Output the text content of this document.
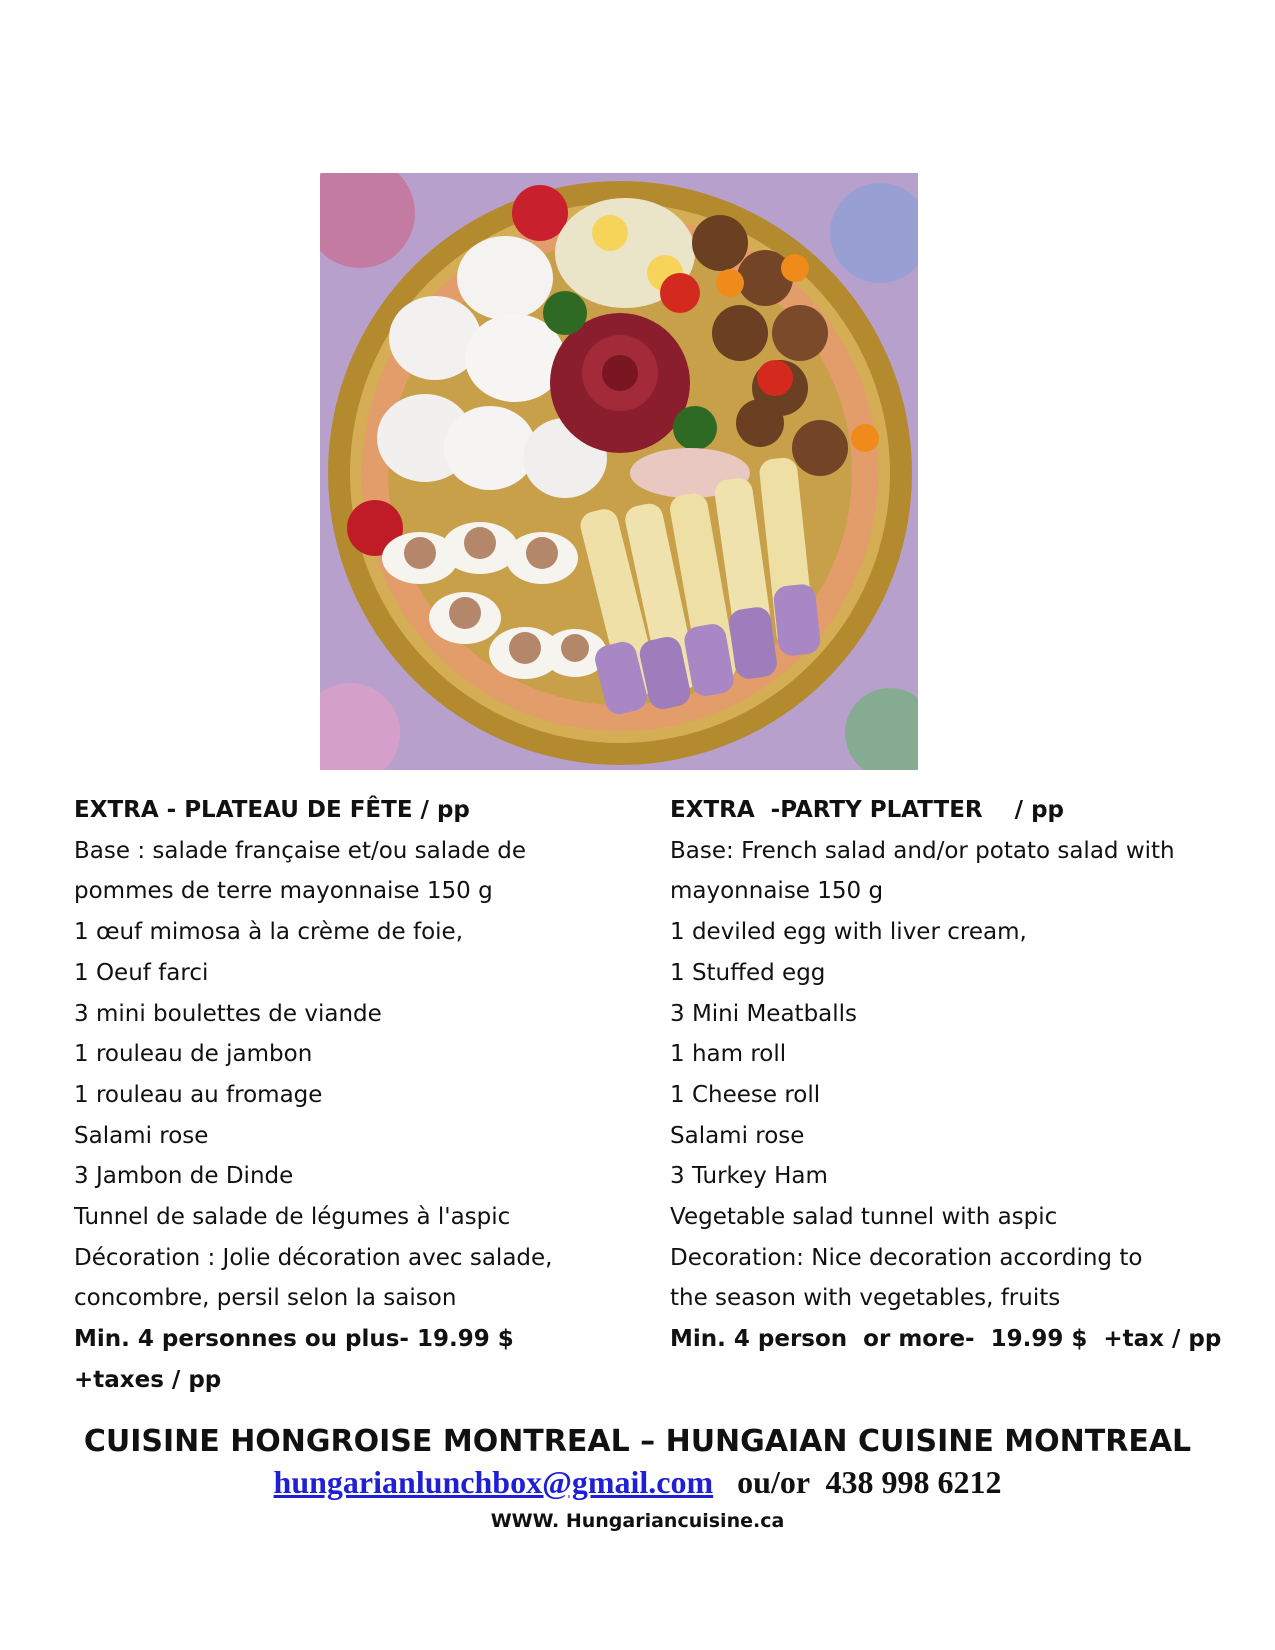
EXTRA - PLATEAU DE FÊTE / pp
Base : salade française et/ou salade de
pommes de terre mayonnaise 150 g
1 œuf mimosa à la crème de foie,
1 Oeuf farci
3 mini boulettes de viande
1 rouleau de jambon
1 rouleau au fromage
Salami rose
3 Jambon de Dinde
Tunnel de salade de légumes à l'aspic
Décoration : Jolie décoration avec salade,
concombre, persil selon la saison
Min. 4 personnes ou plus- 19.99 $ +taxes / pp
EXTRA  -PARTY PLATTER    / pp
Base: French salad and/or potato salad with
mayonnaise 150 g
1 deviled egg with liver cream,
1 Stuffed egg
3 Mini Meatballs
1 ham roll
1 Cheese roll
Salami rose
3 Turkey Ham
Vegetable salad tunnel with aspic
Decoration: Nice decoration according to
the season with vegetables, fruits
Min. 4 person  or more-  19.99 $  +tax / pp
CUISINE HONGROISE MONTREAL – HUNGAIAN CUISINE MONTREAL
hungarianlunchbox@gmail.com ou/or 438 998 6212
WWW. Hungariancuisine.ca
